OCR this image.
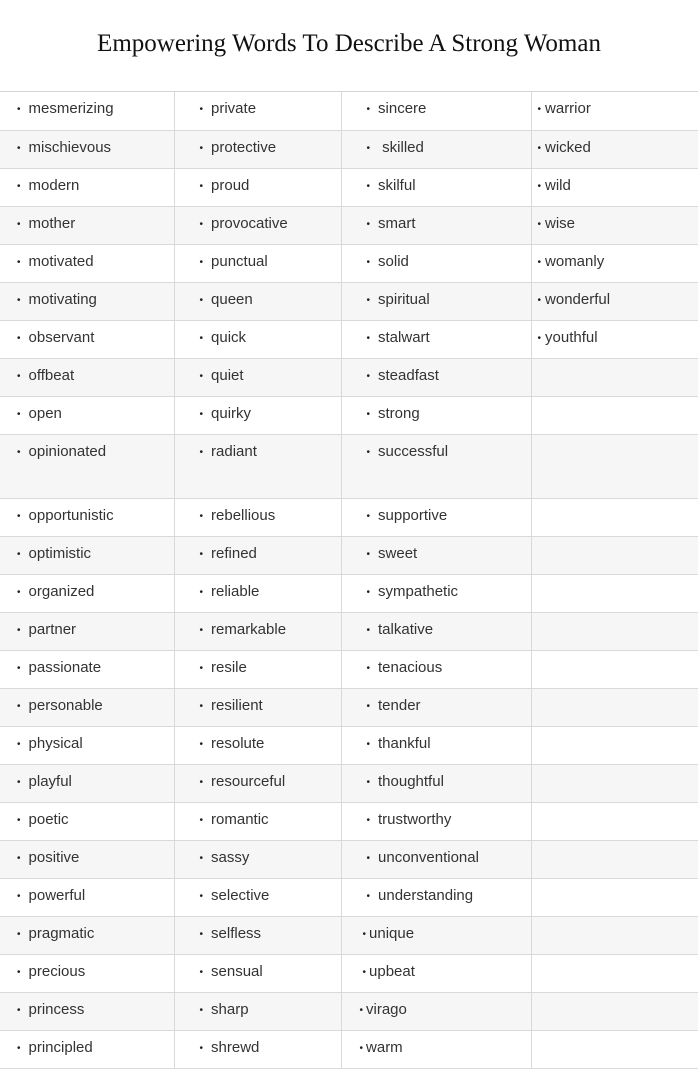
Empowering Words To Describe A Strong Woman
• mesmerizing	• private	• sincere	• warrior

• mischievous	• protective	• skilled	• wicked

• modern	• proud	• skilful	• wild

• mother	• provocative	• smart	• wise

• motivated	• punctual	• solid	• womanly

• motivating	• queen	• spiritual	• wonderful

• observant	• quick	• stalwart	• youthful

• offbeat	• quiet	• steadfast	

• open	• quirky	• strong	

• opinionated	• radiant	• successful	

• opportunistic	• rebellious	• supportive	

• optimistic	• refined	• sweet	

• organized	• reliable	• sympathetic	

• partner	• remarkable	• talkative	

• passionate	• resile	• tenacious	

• personable	• resilient	• tender	

• physical	• resolute	• thankful	

• playful	• resourceful	• thoughtful	

• poetic	• romantic	• trustworthy	

• positive	• sassy	• unconventional	

• powerful	• selective	• understanding	

• pragmatic	• selfless	• unique	

• precious	• sensual	• upbeat	

• princess	• sharp	• virago	

• principled	• shrewd	• warm	
